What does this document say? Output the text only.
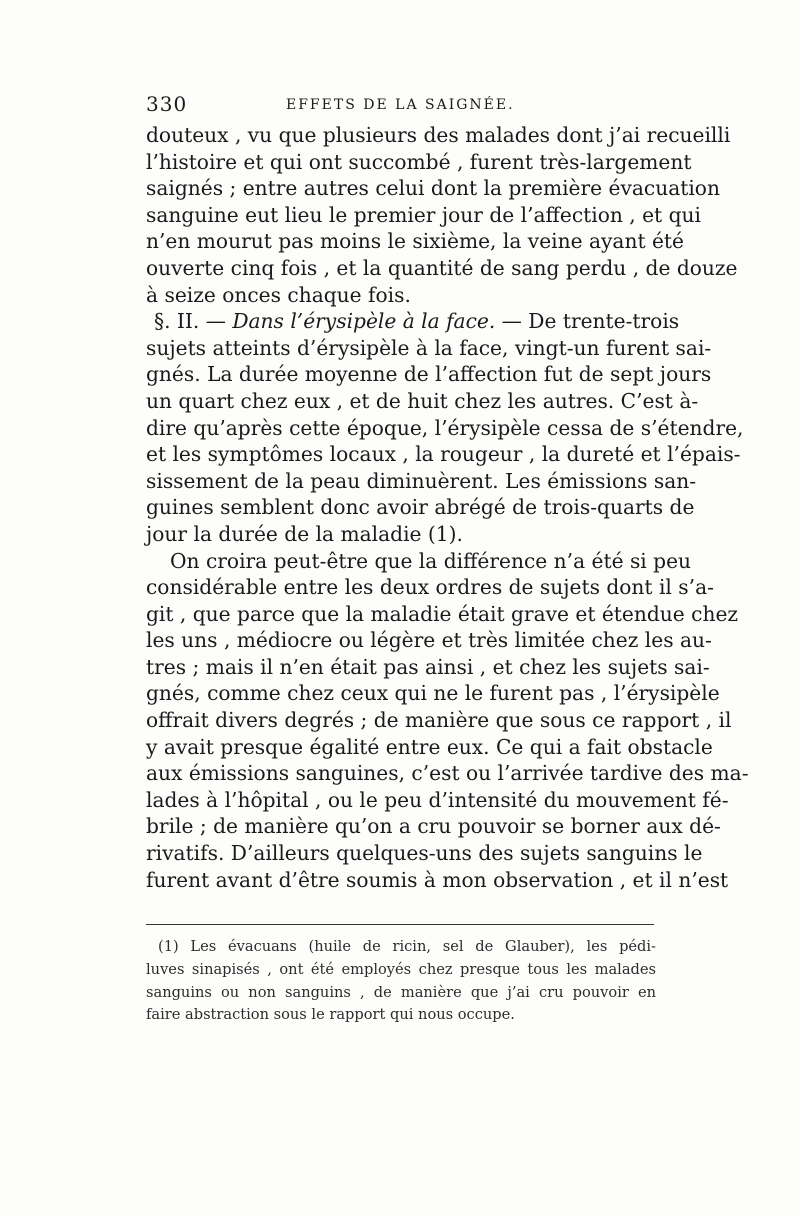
330	EFFETS DE LA SAIGNÉE.
douteux , vu que plusieurs des malades dont j’ai recueilli
l’histoire et qui ont succombé , furent très-largement
saignés ; entre autres celui dont la première évacuation
sanguine eut lieu le premier jour de l’affection , et qui
n’en mourut pas moins le sixième, la veine ayant été
ouverte cinq fois , et la quantité de sang perdu , de douze
à seize onces chaque fois.
§. II. — Dans l’érysipèle à la face. — De trente-trois
sujets atteints d’érysipèle à la face, vingt-un furent sai-
gnés. La durée moyenne de l’affection fut de sept jours
un quart chez eux , et de huit chez les autres. C’est à-
dire qu’après cette époque, l’érysipèle cessa de s’étendre,
et les symptômes locaux , la rougeur , la dureté et l’épais-
sissement de la peau diminuèrent. Les émissions san-
guines semblent donc avoir abrégé de trois-quarts de
jour la durée de la maladie (1).
On croira peut-être que la différence n’a été si peu
considérable entre les deux ordres de sujets dont il s’a-
git , que parce que la maladie était grave et étendue chez
les uns , médiocre ou légère et très limitée chez les au-
tres ; mais il n’en était pas ainsi , et chez les sujets sai-
gnés, comme chez ceux qui ne le furent pas , l’érysipèle
offrait divers degrés ; de manière que sous ce rapport , il
y avait presque égalité entre eux. Ce qui a fait obstacle
aux émissions sanguines, c’est ou l’arrivée tardive des ma-
lades à l’hôpital , ou le peu d’intensité du mouvement fé-
brile ; de manière qu’on a cru pouvoir se borner aux dé-
rivatifs. D’ailleurs quelques-uns des sujets sanguins le
furent avant d’être soumis à mon observation , et il n’est
(1) Les évacuans (huile de ricin, sel de Glauber), les pédi-
luves sinapisés , ont été employés chez presque tous les malades
sanguins ou non sanguins , de manière que j’ai cru pouvoir en
faire abstraction sous le rapport qui nous occupe.
